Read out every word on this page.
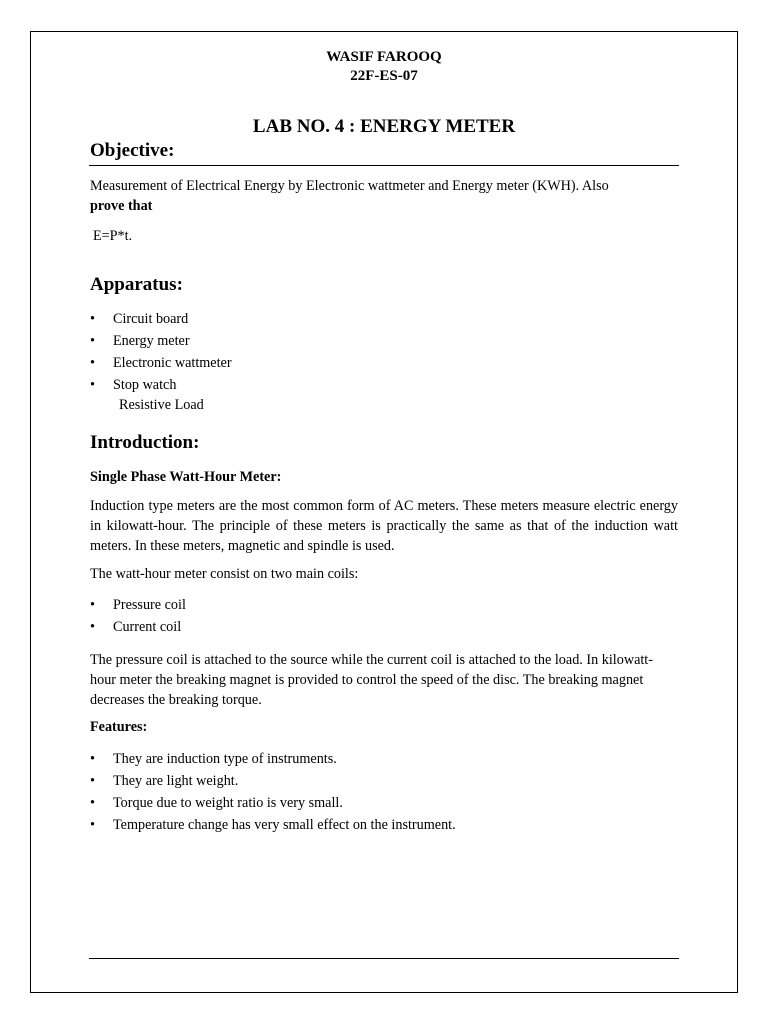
WASIF FAROOQ
22F-ES-07
LAB NO. 4 : ENERGY METER
Objective:
Measurement of Electrical Energy by Electronic wattmeter and Energy meter (KWH). Also
prove that
E=P*t.
Apparatus:
• Circuit board
• Energy meter
• Electronic wattmeter
• Stop watch
Resistive Load
Introduction:
Single Phase Watt-Hour Meter:
Induction type meters are the most common form of AC meters. These meters measure electric energy in kilowatt-hour. The principle of these meters is practically the same as that of the induction watt meters. In these meters, magnetic and spindle is used.
The watt-hour meter consist on two main coils:
• Pressure coil
• Current coil
The pressure coil is attached to the source while the current coil is attached to the load. In kilowatt-hour meter the breaking magnet is provided to control the speed of the disc. The breaking magnet decreases the breaking torque.
Features:
• They are induction type of instruments.
• They are light weight.
• Torque due to weight ratio is very small.
• Temperature change has very small effect on the instrument.
